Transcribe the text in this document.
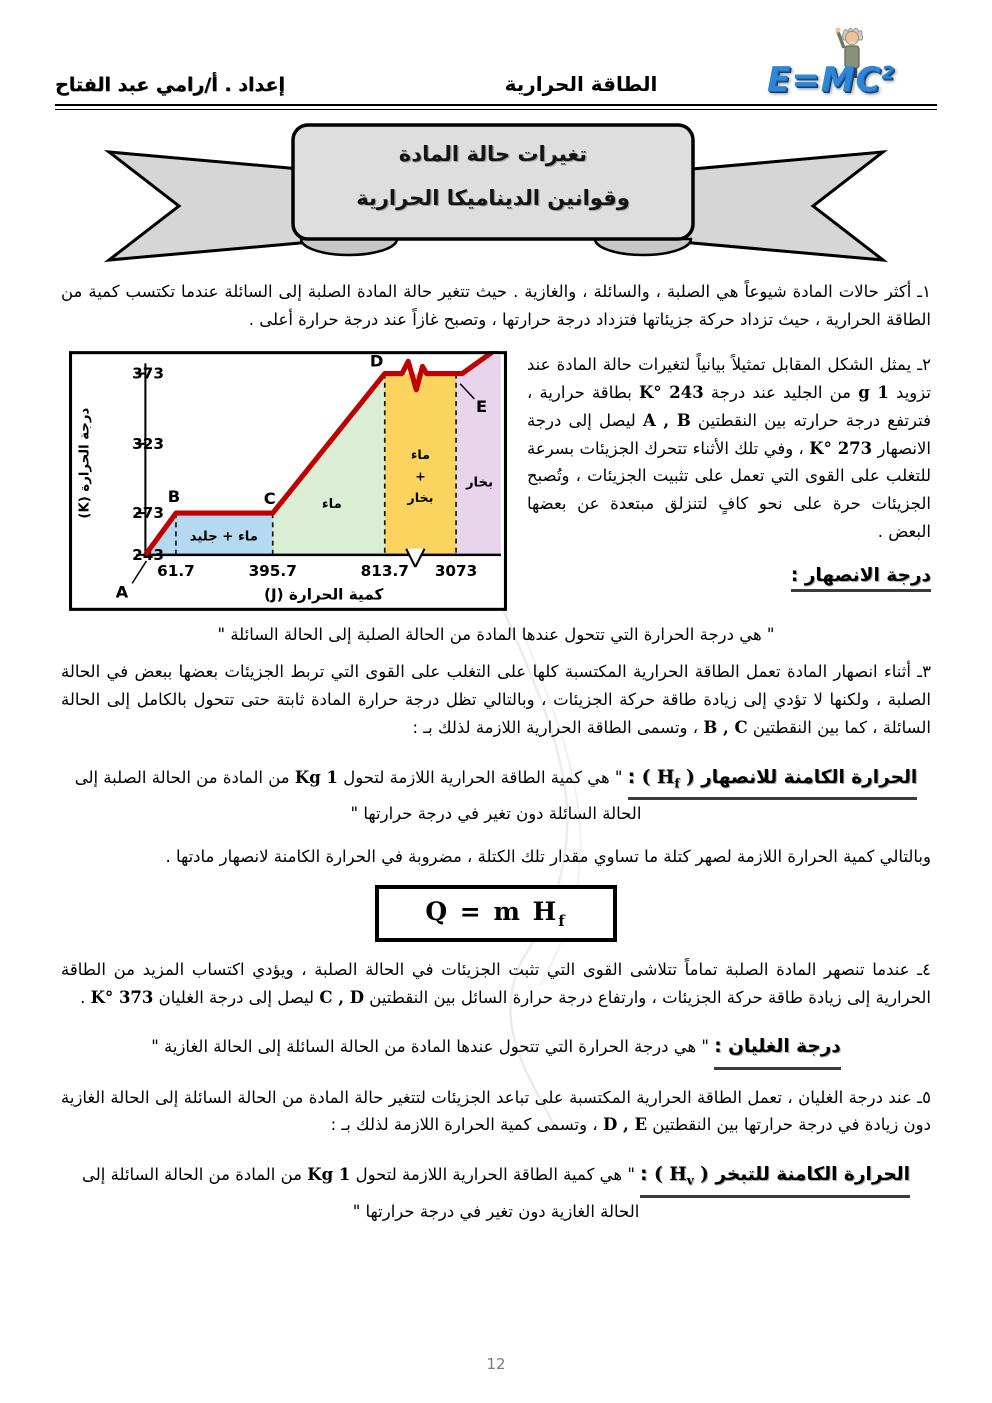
$E=MC^2$
الطاقة الحرارية
إعداد . أ/رامي عبد الفتاح
تغيرات حالة المادة
وقوانين الديناميكا الحرارية

١ـ أكثر حالات المادة شيوعاً هي الصلبة ، والسائلة ، والغازية . حيث تتغير حالة المادة الصلبة إلى السائلة عندما تكتسب كمية من الطاقة الحرارية ، حيث تزداد حركة جزيئاتها فتزداد درجة حرارتها ، وتصبح غازاً عند درجة حرارة أعلى .

٢ـ يمثل الشكل المقابل تمثيلاً بيانياً لتغيرات حالة المادة عند تزويد 1 g من الجليد عند درجة 243 °K بطاقة حرارية ، فترتفع درجة حرارته بين النقطتين A , B ليصل إلى درجة الانصهار 273 °K ، وفي تلك الأثناء تتحرك الجزيئات بسرعة للتغلب على القوى التي تعمل على تثبيت الجزيئات ، وتُصبح الجزيئات حرة على نحو كافٍ لتنزلق مبتعدة عن بعضها البعض .

درجة الانصهار :
ماء + جليد
ماء
ماء
+
بخار
بخار
373
323
273
243
61.7	395.7	813.7 3073
A
B	C
D
E
كمية الحرارة (J)
درجة الحرارة (K)

" هي درجة الحرارة التي تتحول عندها المادة من الحالة الصلبة إلى الحالة السائلة "

٣ـ أثناء انصهار المادة تعمل الطاقة الحرارية المكتسبة كلها على التغلب على القوى التي تربط الجزيئات بعضها ببعض في الحالة الصلبة ، ولكنها لا تؤدي إلى زيادة طاقة حركة الجزيئات ، وبالتالي تظل درجة حرارة المادة ثابتة حتى تتحول بالكامل إلى الحالة السائلة ، كما بين النقطتين B , C ، وتسمى الطاقة الحرارية اللازمة لذلك بـ :

الحرارة الكامنة للانصهار ( $H_f$ ) : " هي كمية الطاقة الحرارية اللازمة لتحول 1 Kg من المادة من الحالة الصلبة إلى الحالة السائلة دون تغير في درجة حرارتها "

وبالتالي كمية الحرارة اللازمة لصهر كتلة ما تساوي مقدار تلك الكتلة ، مضروبة في الحرارة الكامنة لانصهار مادتها .

Q = m $H_f$

٤ـ عندما تنصهر المادة الصلبة تماماً تتلاشى القوى التي تثبت الجزيئات في الحالة الصلبة ، ويؤدي اكتساب المزيد من الطاقة الحرارية إلى زيادة طاقة حركة الجزيئات ، وارتفاع درجة حرارة السائل بين النقطتين C , D ليصل إلى درجة الغليان 373 °K .

درجة الغليان : " هي درجة الحرارة التي تتحول عندها المادة من الحالة السائلة إلى الحالة الغازية "

٥ـ عند درجة الغليان ، تعمل الطاقة الحرارية المكتسبة على تباعد الجزيئات لتتغير حالة المادة من الحالة السائلة إلى الحالة الغازية دون زيادة في درجة حرارتها بين النقطتين D , E ، وتسمى كمية الحرارة اللازمة لذلك بـ :

الحرارة الكامنة للتبخر ( $H_v$ ) : " هي كمية الطاقة الحرارية اللازمة لتحول 1 Kg من المادة من الحالة السائلة إلى الحالة الغازية دون تغير في درجة حرارتها "
12
